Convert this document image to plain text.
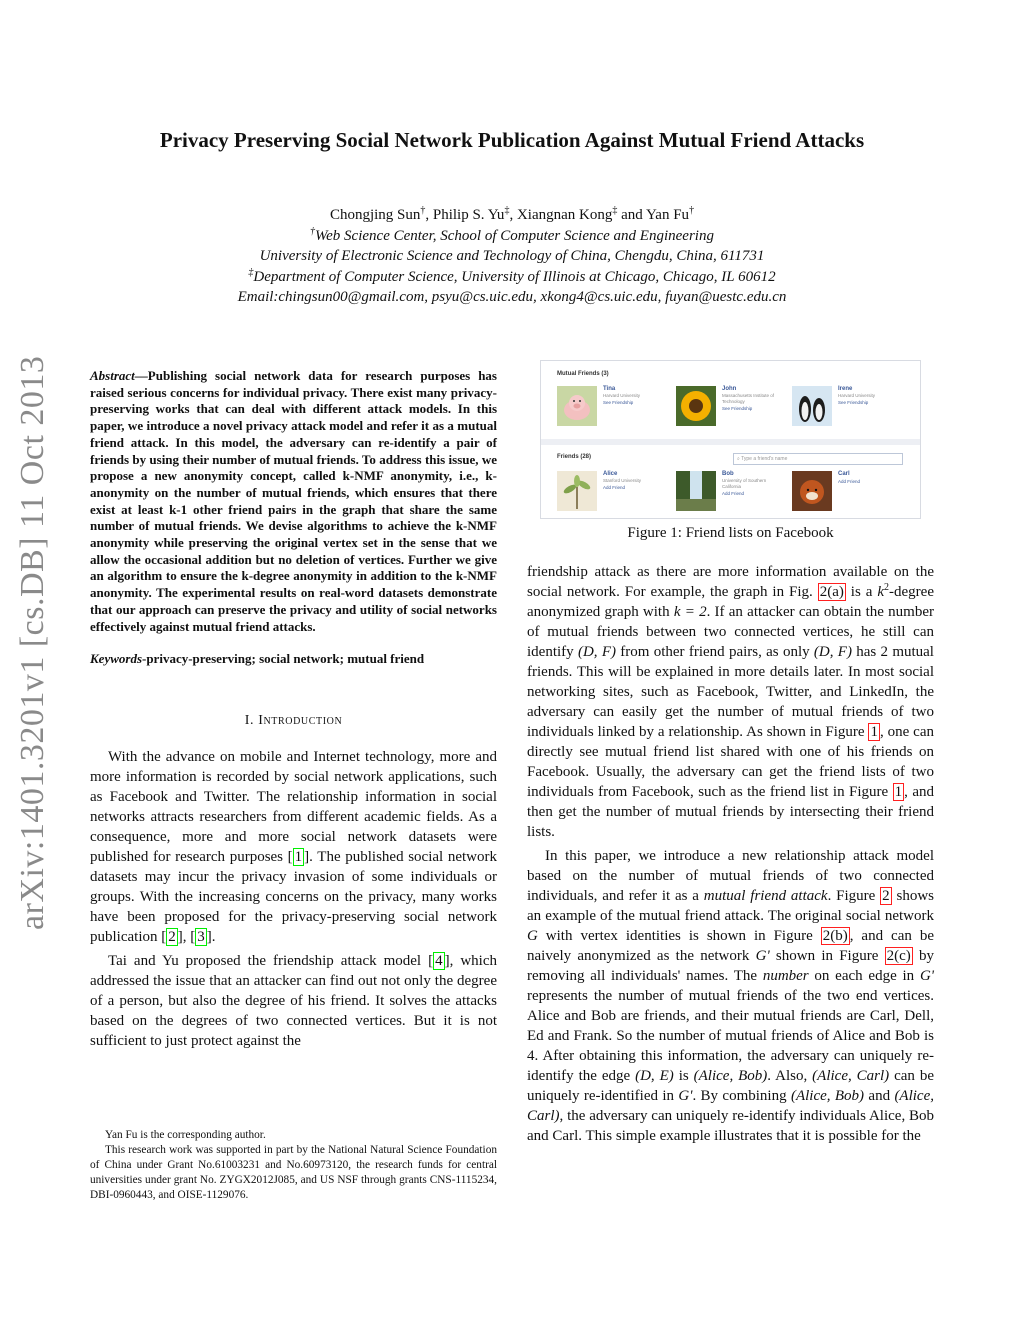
Privacy Preserving Social Network Publication Against Mutual Friend Attacks
Chongjing Sun†, Philip S. Yu‡, Xiangnan Kong‡ and Yan Fu†
†Web Science Center, School of Computer Science and Engineering
University of Electronic Science and Technology of China, Chengdu, China, 611731
‡Department of Computer Science, University of Illinois at Chicago, Chicago, IL 60612
Email:chingsun00@gmail.com, psyu@cs.uic.edu, xkong4@cs.uic.edu, fuyan@uestc.edu.cn
arXiv:1401.3201v1 [cs.DB] 11 Oct 2013	Abstract—Publishing social network data for research purposes has raised serious concerns for individual privacy. There exist many privacy-preserving works that can deal with different attack models. In this paper, we introduce a novel privacy attack model and refer it as a mutual friend attack. In this model, the adversary can re-identify a pair of friends by using their number of mutual friends. To address this issue, we propose a new anonymity concept, called k-NMF anonymity, i.e., k-anonymity on the number of mutual friends, which ensures that there exist at least k-1 other friend pairs in the graph that share the same number of mutual friends. We devise algorithms to achieve the k-NMF anonymity while preserving the original vertex set in the sense that we allow the occasional addition but no deletion of vertices. Further we give an algorithm to ensure the k-degree anonymity in addition to the k-NMF anonymity. The experimental results on real-word datasets demonstrate that our approach can preserve the privacy and utility of social networks effectively against mutual friend attacks.

Keywords-privacy-preserving; social network; mutual friend

I. Introduction

With the advance on mobile and Internet technology, more and more information is recorded by social network applications, such as Facebook and Twitter. The relationship information in social networks attracts researchers from different academic fields. As a consequence, more and more social network datasets were published for research purposes [ 1 ]. The published social network datasets may incur the privacy invasion of some individuals or groups. With the increasing concerns on the privacy, many works have been proposed for the privacy-preserving social network publication [ 2 ], [ 3 ].

Tai and Yu proposed the friendship attack model [ 4 ], which addressed the issue that an attacker can find out not only the degree of a person, but also the degree of his friend. It solves the attacks based on the degrees of two connected vertices. But it is not sufficient to just protect against the

Yan Fu is the corresponding author.

This research work was supported in part by the National Natural Science Foundation of China under Grant No.61003231 and No.60973120, the research funds for central universities under grant No. ZYGX2012J085, and US NSF through grants CNS-1115234, DBI-0960443, and OISE-1129076.

Mutual Friends (3)
Tina
Harvard University
See Friendship
John
Massachusetts Institute of Technology
See Friendship
Irene
Harvard University
See Friendship
Friends (28)	⌕ Type a friend's name
Alice
Stanford University
Add Friend
Bob
University of Southern California
Add Friend
Carl
Add Friend
Figure 1: Friend lists on Facebook

friendship attack as there are more information available on the social network. For example, the graph in Fig. 2(a) is a $k^2$-degree anonymized graph with k = 2. If an attacker can obtain the number of mutual friends between two connected vertices, he still can identify (D, F) from other friend pairs, as only (D, F) has 2 mutual friends. This will be explained in more details later. In most social networking sites, such as Facebook, Twitter, and LinkedIn, the adversary can easily get the number of mutual friends of two individuals linked by a relationship. As shown in Figure 1 , one can directly see mutual friend list shared with one of his friends on Facebook. Usually, the adversary can get the friend lists of two individuals from Facebook, such as the friend list in Figure 1 , and then get the number of mutual friends by intersecting their friend lists.

In this paper, we introduce a new relationship attack model based on the number of mutual friends of two connected individuals, and refer it as a mutual friend attack. Figure 2 shows an example of the mutual friend attack. The original social network G with vertex identities is shown in Figure 2(b) , and can be naively anonymized as the network G' shown in Figure 2(c) by removing all individuals' names. The number on each edge in G' represents the number of mutual friends of the two end vertices. Alice and Bob are friends, and their mutual friends are Carl, Dell, Ed and Frank. So the number of mutual friends of Alice and Bob is 4. After obtaining this information, the adversary can uniquely re-identify the edge (D, E) is (Alice, Bob). Also, (Alice, Carl) can be uniquely re-identified in G'. By combining (Alice, Bob) and (Alice, Carl), the adversary can uniquely re-identify individuals Alice, Bob and Carl. This simple example illustrates that it is possible for the
